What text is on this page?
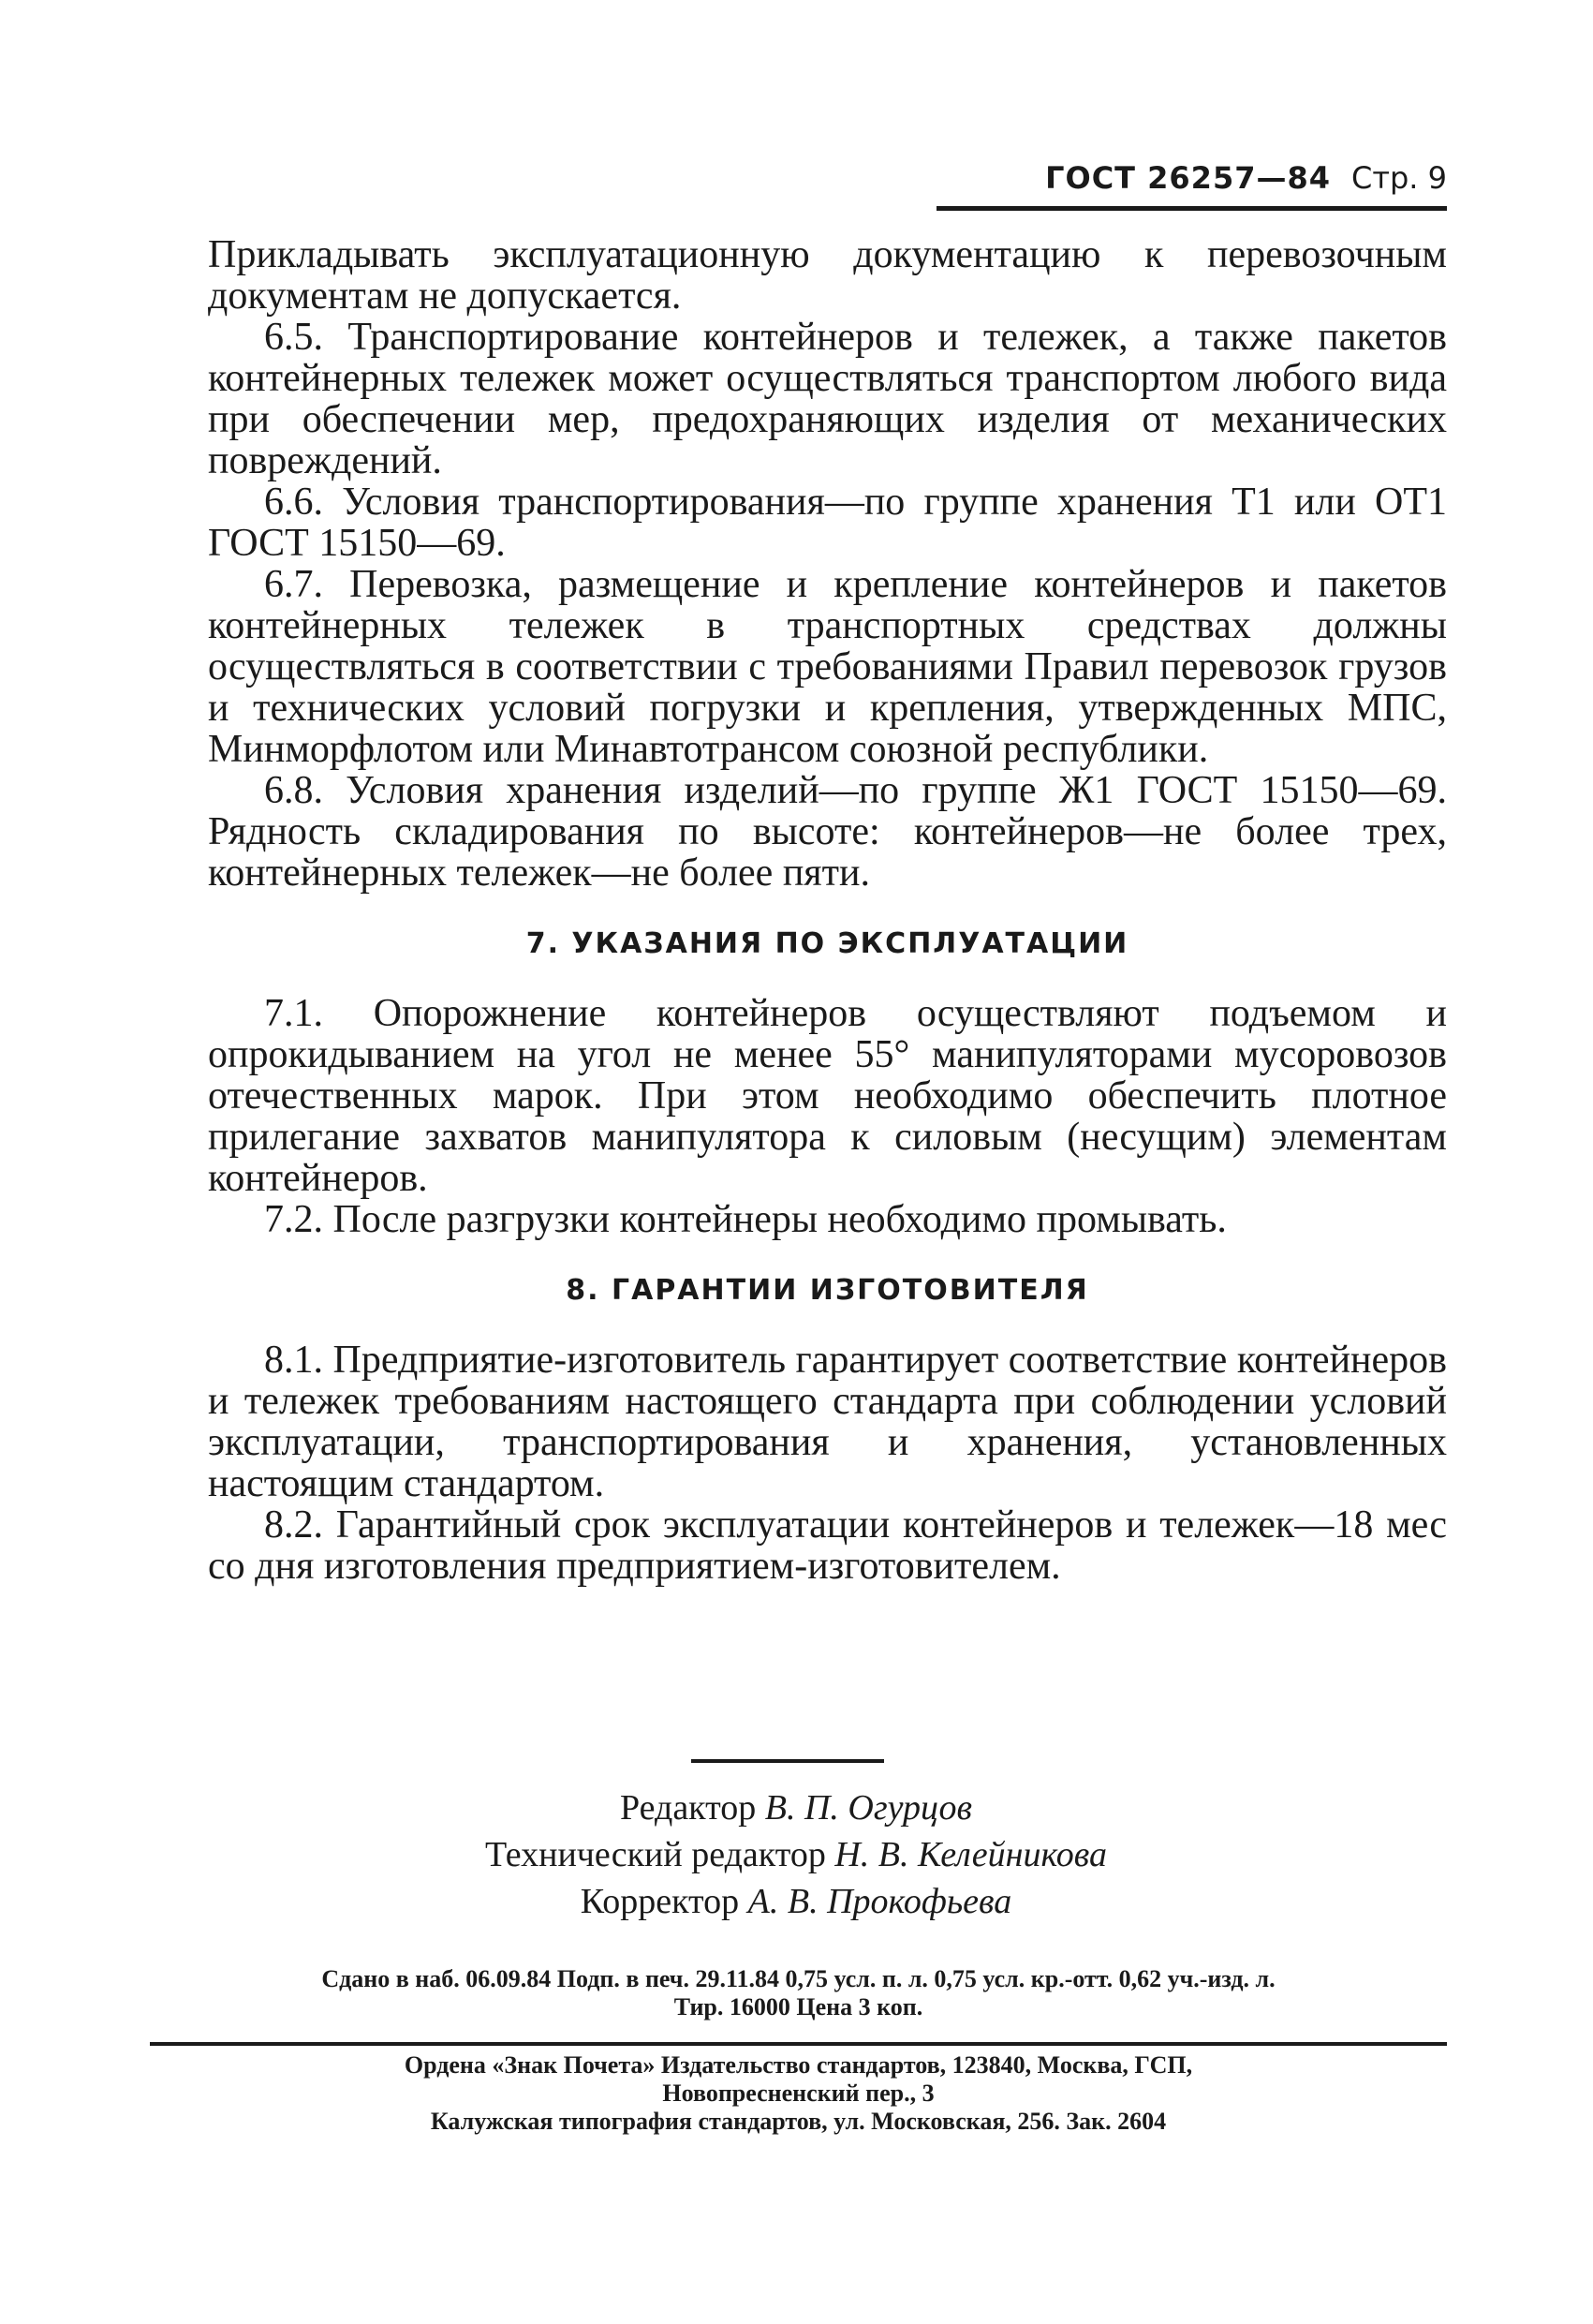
ГОСТ 26257—84 Стр. 9

Прикладывать эксплуатационную документацию к перевозочным документам не допускается.

6.5. Транспортирование контейнеров и тележек, а также пакетов контейнерных тележек может осуществляться транспортом любого вида при обеспечении мер, предохраняющих изделия от механических повреждений.

6.6. Условия транспортирования—по группе хранения Т1 или ОТ1 ГОСТ 15150—69.

6.7. Перевозка, размещение и крепление контейнеров и пакетов контейнерных тележек в транспортных средствах должны осуществляться в соответствии с требованиями Правил перевозок грузов и технических условий погрузки и крепления, утвержденных МПС, Минморфлотом или Минавтотрансом союзной республики.

6.8. Условия хранения изделий—по группе Ж1 ГОСТ 15150—69. Рядность складирования по высоте: контейнеров—не более трех, контейнерных тележек—не более пяти.

7. УКАЗАНИЯ ПО ЭКСПЛУАТАЦИИ

7.1. Опорожнение контейнеров осуществляют подъемом и опрокидыванием на угол не менее 55° манипуляторами мусоровозов отечественных марок. При этом необходимо обеспечить плотное прилегание захватов манипулятора к силовым (несущим) элементам контейнеров.

7.2. После разгрузки контейнеры необходимо промывать.

8. ГАРАНТИИ ИЗГОТОВИТЕЛЯ

8.1. Предприятие-изготовитель гарантирует соответствие контейнеров и тележек требованиям настоящего стандарта при соблюдении условий эксплуатации, транспортирования и хранения, установленных настоящим стандартом.

8.2. Гарантийный срок эксплуатации контейнеров и тележек—18 мес со дня изготовления предприятием-изготовителем.

Редактор В. П. Огурцов
Технический редактор Н. В. Келейникова
Корректор А. В. Прокофьева
Сдано в наб. 06.09.84 Подп. в печ. 29.11.84 0,75 усл. п. л. 0,75 усл. кр.-отт. 0,62 уч.-изд. л.
Тир. 16000 Цена 3 коп.
Ордена «Знак Почета» Издательство стандартов, 123840, Москва, ГСП,
Новопресненский пер., 3
Калужская типография стандартов, ул. Московская, 256. Зак. 2604
